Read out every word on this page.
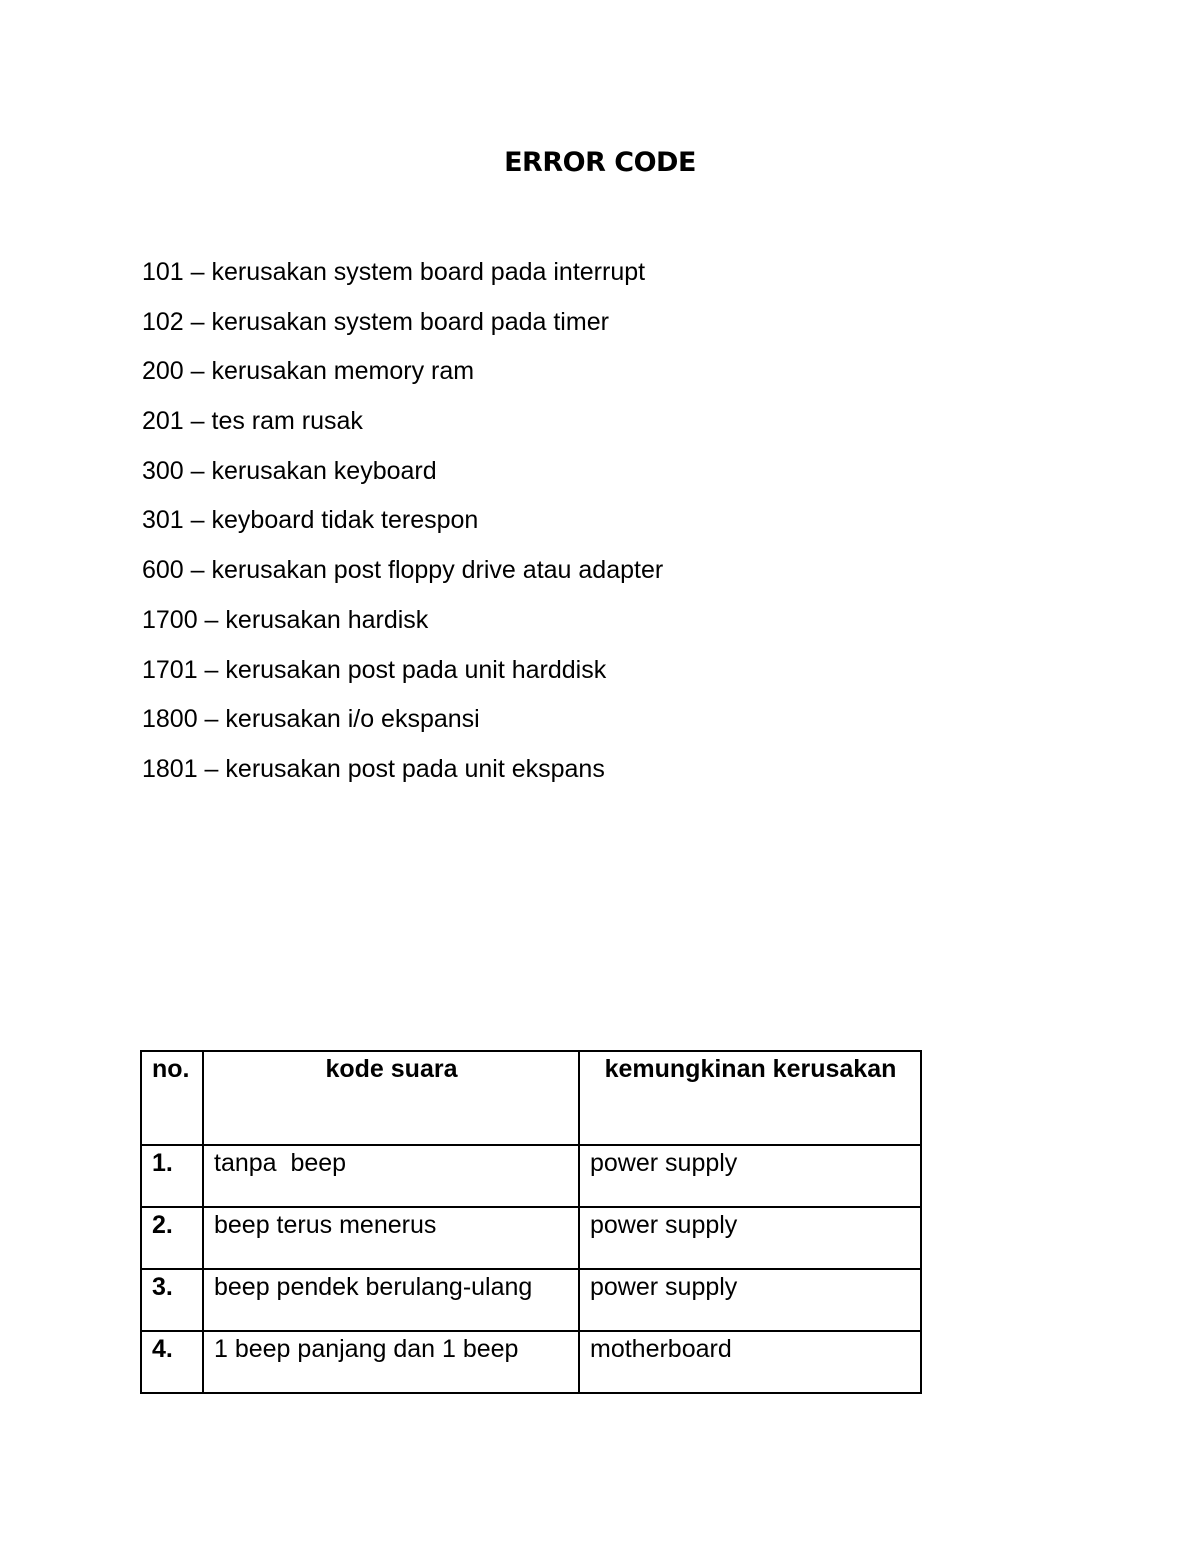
ERROR CODE
101 – kerusakan system board pada interrupt
102 – kerusakan system board pada timer
200 – kerusakan memory ram
201 – tes ram rusak
300 – kerusakan keyboard
301 – keyboard tidak terespon
600 – kerusakan post floppy drive atau adapter
1700 – kerusakan hardisk
1701 – kerusakan post pada unit harddisk
1800 – kerusakan i/o ekspansi
1801 – kerusakan post pada unit ekspans
no.	kode suara	kemungkinan kerusakan
1.	tanpa  beep	power supply
2.	beep terus menerus	power supply
3.	beep pendek berulang-ulang	power supply
4.	1 beep panjang dan 1 beep	motherboard
